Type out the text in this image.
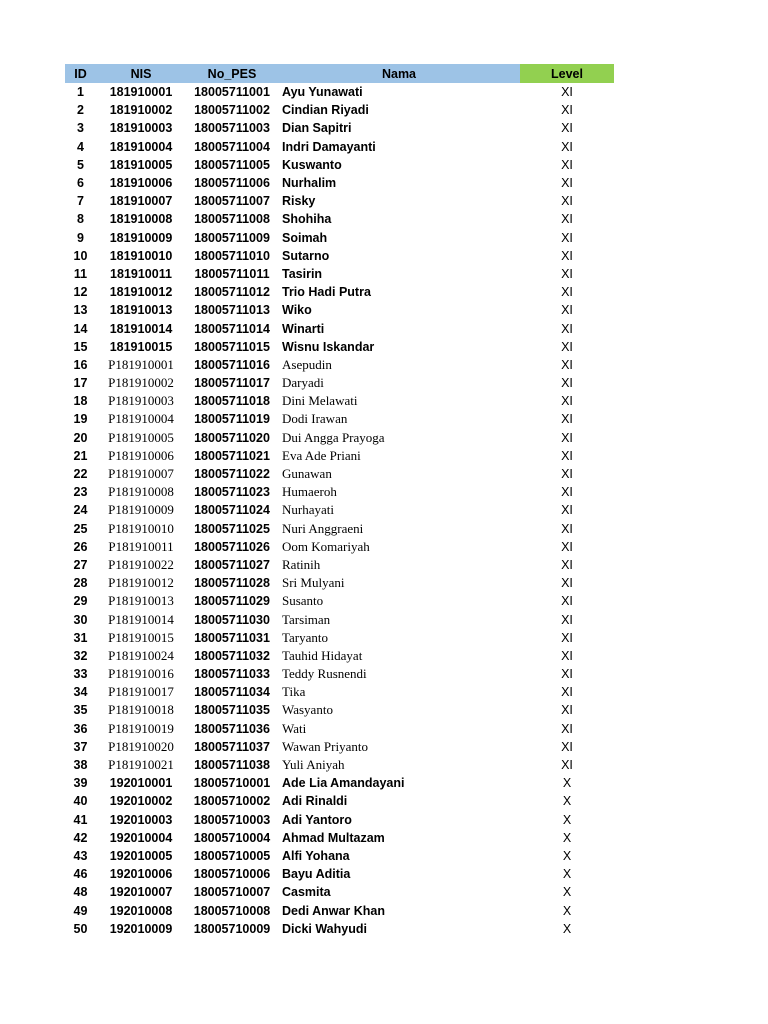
ID	NIS	No_PES	Nama	Level
1	181910001	18005711001	Ayu Yunawati	XI
2	181910002	18005711002	Cindian Riyadi	XI
3	181910003	18005711003	Dian Sapitri	XI
4	181910004	18005711004	Indri Damayanti	XI
5	181910005	18005711005	Kuswanto	XI
6	181910006	18005711006	Nurhalim	XI
7	181910007	18005711007	Risky	XI
8	181910008	18005711008	Shohiha	XI
9	181910009	18005711009	Soimah	XI
10	181910010	18005711010	Sutarno	XI
11	181910011	18005711011	Tasirin	XI
12	181910012	18005711012	Trio Hadi Putra	XI
13	181910013	18005711013	Wiko	XI
14	181910014	18005711014	Winarti	XI
15	181910015	18005711015	Wisnu Iskandar	XI
16	P181910001	18005711016	Asepudin	XI
17	P181910002	18005711017	Daryadi	XI
18	P181910003	18005711018	Dini Melawati	XI
19	P181910004	18005711019	Dodi Irawan	XI
20	P181910005	18005711020	Dui Angga Prayoga	XI
21	P181910006	18005711021	Eva Ade Priani	XI
22	P181910007	18005711022	Gunawan	XI
23	P181910008	18005711023	Humaeroh	XI
24	P181910009	18005711024	Nurhayati	XI
25	P181910010	18005711025	Nuri Anggraeni	XI
26	P181910011	18005711026	Oom Komariyah	XI
27	P181910022	18005711027	Ratinih	XI
28	P181910012	18005711028	Sri Mulyani	XI
29	P181910013	18005711029	Susanto	XI
30	P181910014	18005711030	Tarsiman	XI
31	P181910015	18005711031	Taryanto	XI
32	P181910024	18005711032	Tauhid Hidayat	XI
33	P181910016	18005711033	Teddy Rusnendi	XI
34	P181910017	18005711034	Tika	XI
35	P181910018	18005711035	Wasyanto	XI
36	P181910019	18005711036	Wati	XI
37	P181910020	18005711037	Wawan Priyanto	XI
38	P181910021	18005711038	Yuli Aniyah	XI
39	192010001	18005710001	Ade Lia Amandayani	X
40	192010002	18005710002	Adi Rinaldi	X
41	192010003	18005710003	Adi Yantoro	X
42	192010004	18005710004	Ahmad Multazam	X
43	192010005	18005710005	Alfi Yohana	X
46	192010006	18005710006	Bayu Aditia	X
48	192010007	18005710007	Casmita	X
49	192010008	18005710008	Dedi Anwar Khan	X
50	192010009	18005710009	Dicki Wahyudi	X
